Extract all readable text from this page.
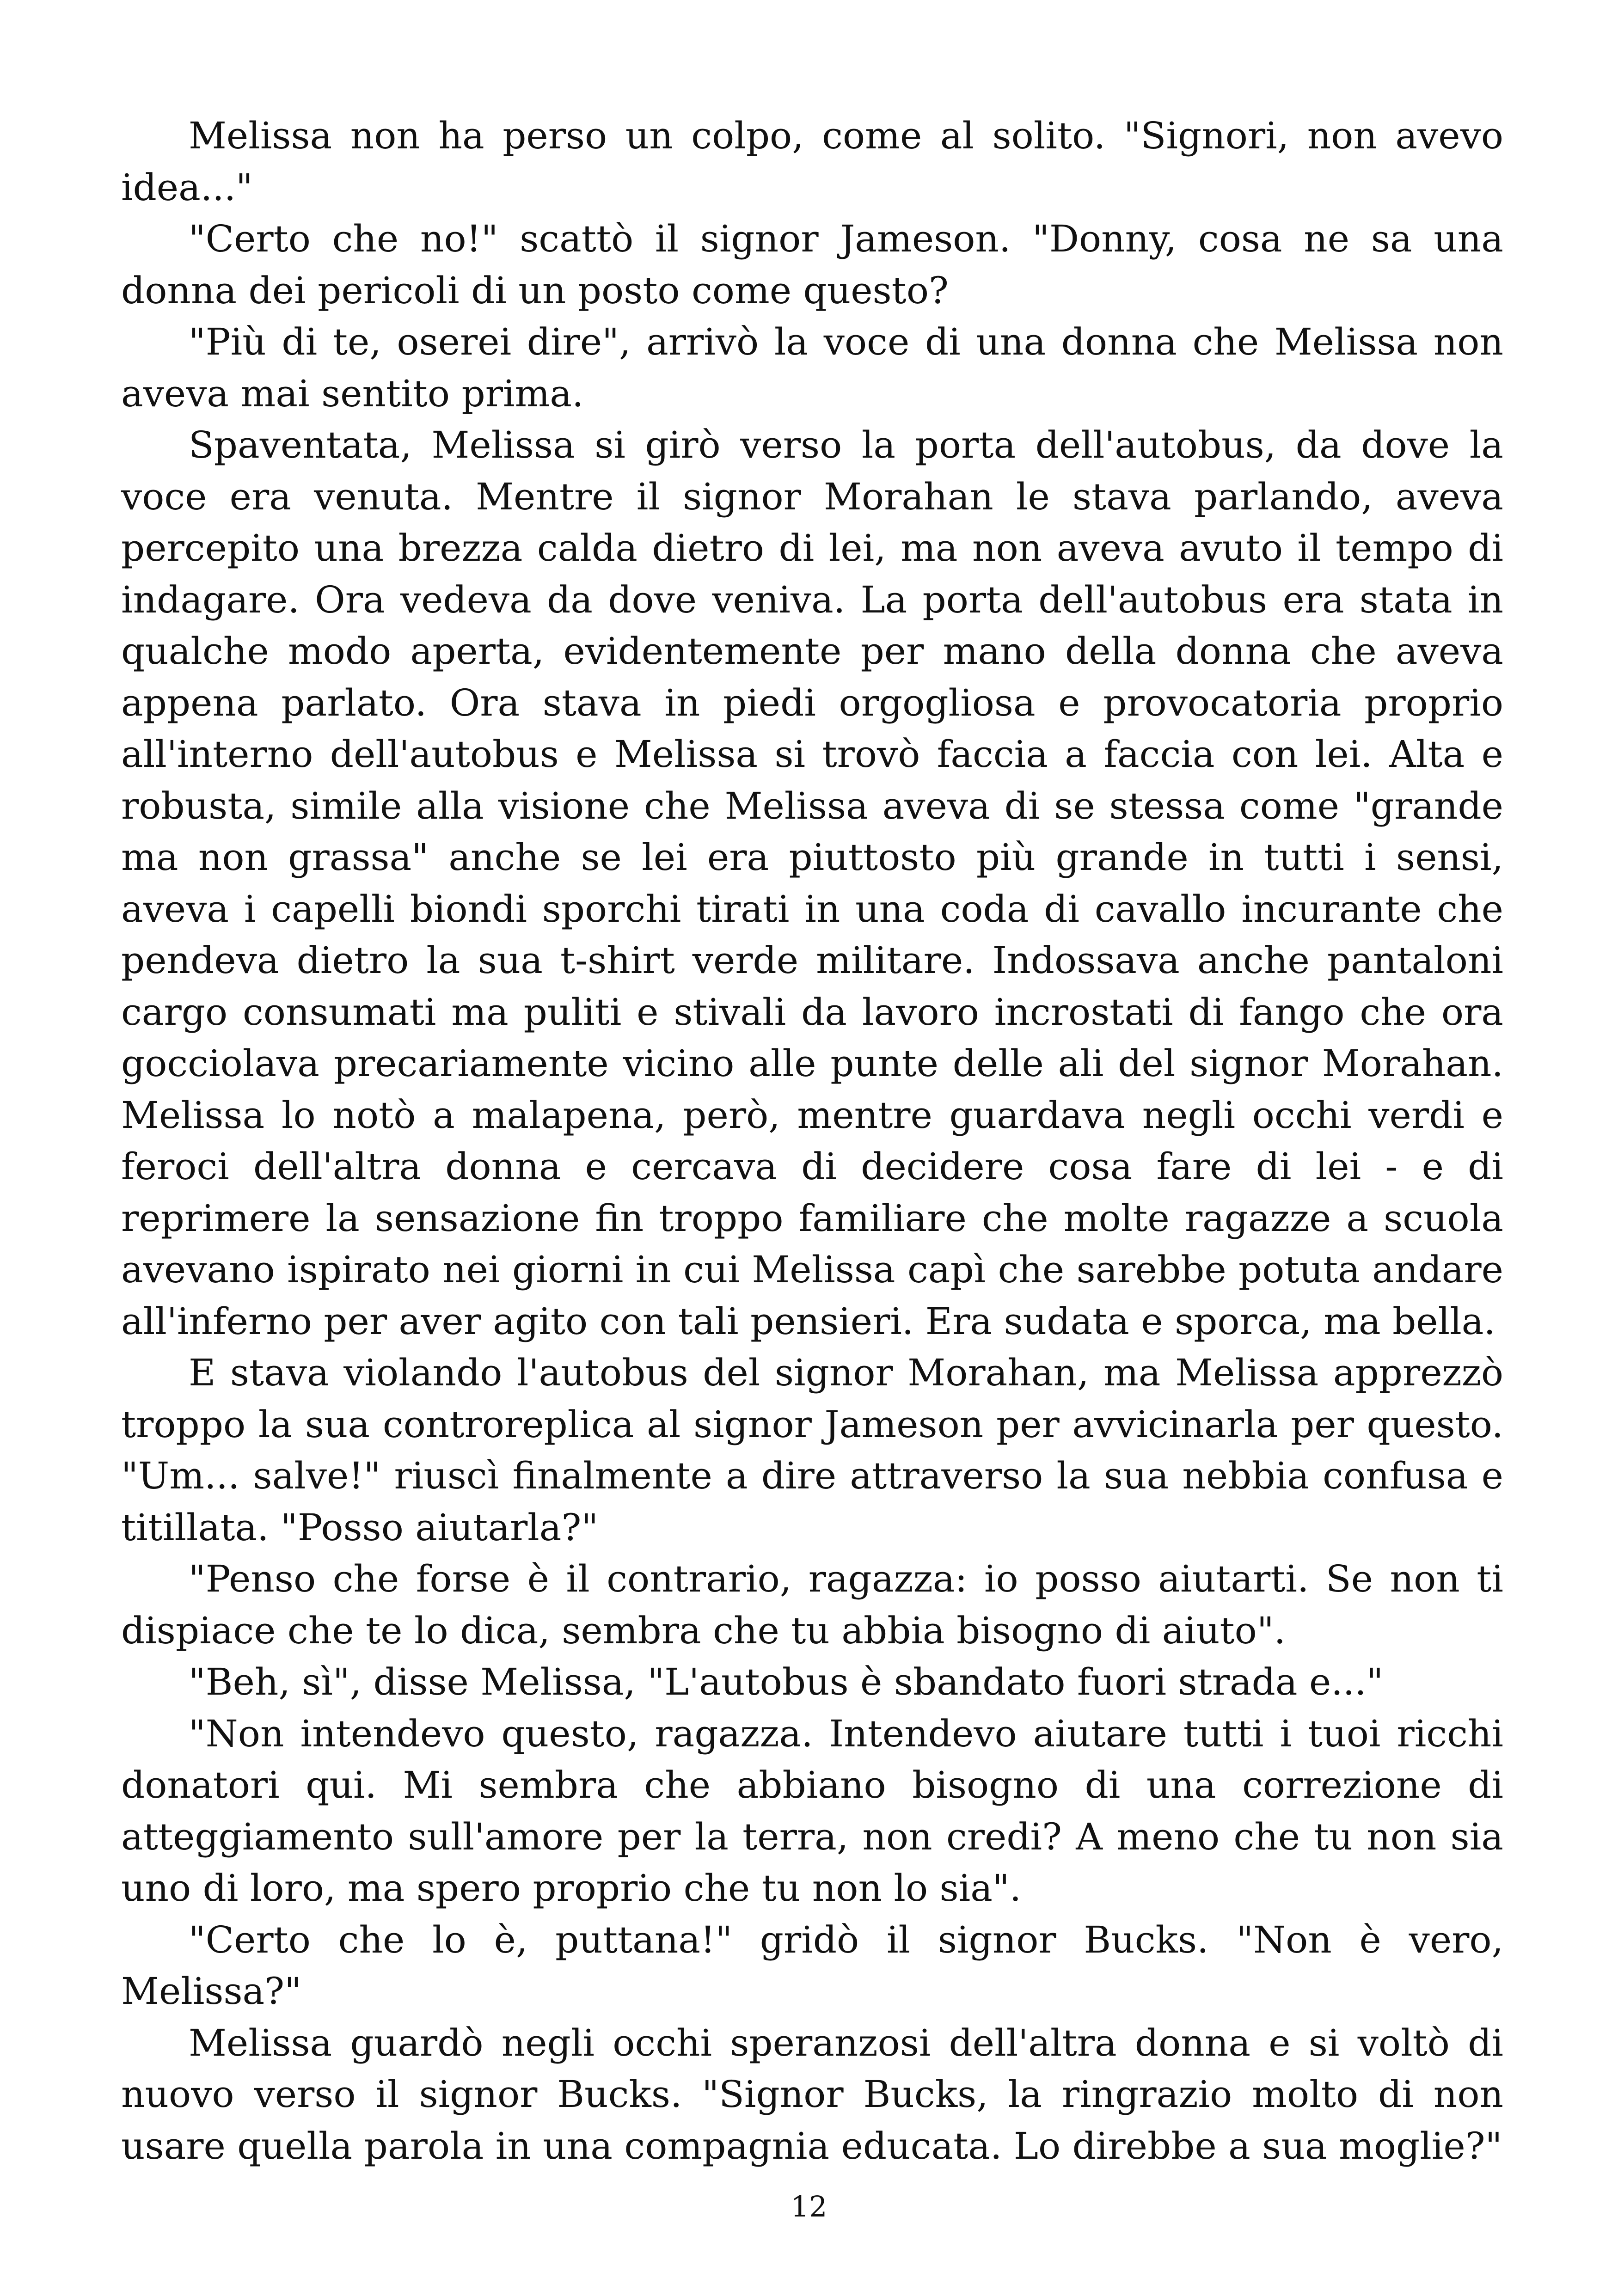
Melissa non ha perso un colpo, come al solito. "Signori, non avevo idea..."

"Certo che no!" scattò il signor Jameson. "Donny, cosa ne sa una donna dei pericoli di un posto come questo?

"Più di te, oserei dire", arrivò la voce di una donna che Melissa non aveva mai sentito prima.

Spaventata, Melissa si girò verso la porta dell'autobus, da dove la voce era venuta. Mentre il signor Morahan le stava parlando, aveva percepito una brezza calda dietro di lei, ma non aveva avuto il tempo di indagare. Ora vedeva da dove veniva. La porta dell'autobus era stata in qualche modo aperta, evidentemente per mano della donna che aveva appena parlato. Ora stava in piedi orgogliosa e provocatoria proprio all'interno dell'autobus e Melissa si trovò faccia a faccia con lei. Alta e robusta, simile alla visione che Melissa aveva di se stessa come "grande ma non grassa" anche se lei era piuttosto più grande in tutti i sensi, aveva i capelli biondi sporchi tirati in una coda di cavallo incurante che pendeva dietro la sua t-shirt verde militare. Indossava anche pantaloni cargo consumati ma puliti e stivali da lavoro incrostati di fango che ora gocciolava precariamente vicino alle punte delle ali del signor Morahan. Melissa lo notò a malapena, però, mentre guardava negli occhi verdi e feroci dell'altra donna e cercava di decidere cosa fare di lei - e di reprimere la sensazione fin troppo familiare che molte ragazze a scuola avevano ispirato nei giorni in cui Melissa capì che sarebbe potuta andare all'inferno per aver agito con tali pensieri. Era sudata e sporca, ma bella.

E stava violando l'autobus del signor Morahan, ma Melissa apprezzò troppo la sua controreplica al signor Jameson per avvicinarla per questo. "Um... salve!" riuscì finalmente a dire attraverso la sua nebbia confusa e titillata. "Posso aiutarla?"

"Penso che forse è il contrario, ragazza: io posso aiutarti. Se non ti dispiace che te lo dica, sembra che tu abbia bisogno di aiuto".

"Beh, sì", disse Melissa, "L'autobus è sbandato fuori strada e..."

"Non intendevo questo, ragazza. Intendevo aiutare tutti i tuoi ricchi donatori qui. Mi sembra che abbiano bisogno di una correzione di atteggiamento sull'amore per la terra, non credi? A meno che tu non sia uno di loro, ma spero proprio che tu non lo sia".

"Certo che lo è, puttana!" gridò il signor Bucks. "Non è vero, Melissa?"

Melissa guardò negli occhi speranzosi dell'altra donna e si voltò di nuovo verso il signor Bucks. "Signor Bucks, la ringrazio molto di non usare quella parola in una compagnia educata. Lo direbbe a sua moglie?"

12
